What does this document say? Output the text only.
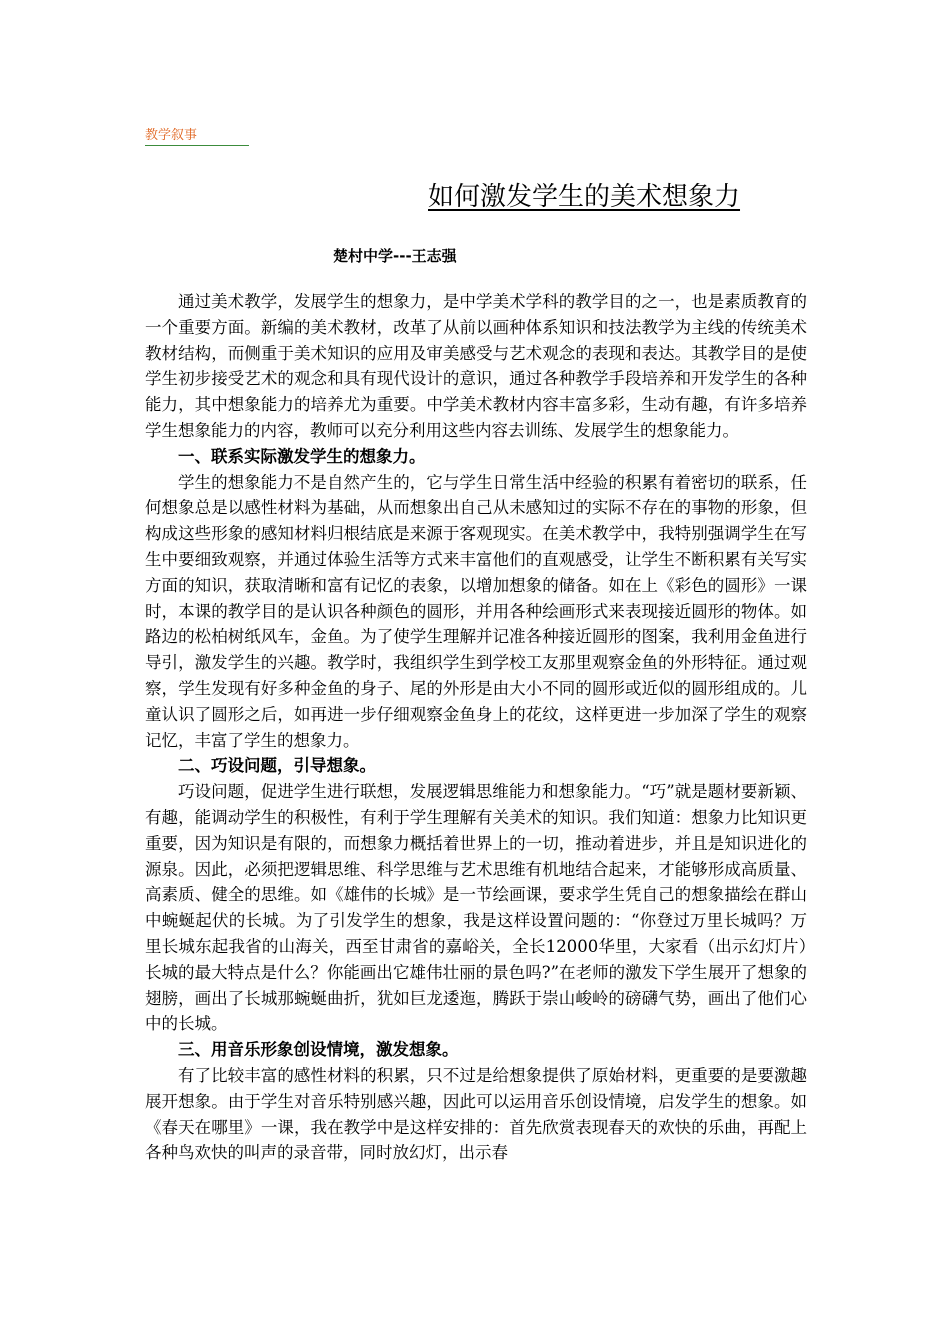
教学叙事
如何激发学生的美术想象力
楚村中学---王志强

通过美术教学，发展学生的想象力，是中学美术学科的教学目的之一，也是素质教育的一个重要方面。新编的美术教材，改革了从前以画种体系知识和技法教学为主线的传统美术教材结构，而侧重于美术知识的应用及审美感受与艺术观念的表现和表达。其教学目的是使学生初步接受艺术的观念和具有现代设计的意识，通过各种教学手段培养和开发学生的各种能力，其中想象能力的培养尤为重要。中学美术教材内容丰富多彩，生动有趣，有许多培养学生想象能力的内容，教师可以充分利用这些内容去训练、发展学生的想象能力。

一、联系实际激发学生的想象力。

学生的想象能力不是自然产生的，它与学生日常生活中经验的积累有着密切的联系，任何想象总是以感性材料为基础，从而想象出自己从未感知过的实际不存在的事物的形象，但构成这些形象的感知材料归根结底是来源于客观现实。在美术教学中，我特别强调学生在写生中要细致观察，并通过体验生活等方式来丰富他们的直观感受，让学生不断积累有关写实方面的知识，获取清晰和富有记忆的表象，以增加想象的储备。如在上《彩色的圆形》一课时，本课的教学目的是认识各种颜色的圆形，并用各种绘画形式来表现接近圆形的物体。如路边的松柏树纸风车，金鱼。为了使学生理解并记准各种接近圆形的图案，我利用金鱼进行导引，激发学生的兴趣。教学时，我组织学生到学校工友那里观察金鱼的外形特征。通过观察，学生发现有好多种金鱼的身子、尾的外形是由大小不同的圆形或近似的圆形组成的。儿童认识了圆形之后，如再进一步仔细观察金鱼身上的花纹，这样更进一步加深了学生的观察记忆，丰富了学生的想象力。

二、巧设问题，引导想象。

巧设问题，促进学生进行联想，发展逻辑思维能力和想象能力。“巧”就是题材要新颖、有趣，能调动学生的积极性，有利于学生理解有关美术的知识。我们知道：想象力比知识更重要，因为知识是有限的，而想象力概括着世界上的一切，推动着进步，并且是知识进化的源泉。因此，必须把逻辑思维、科学思维与艺术思维有机地结合起来，才能够形成高质量、高素质、健全的思维。如《雄伟的长城》是一节绘画课，要求学生凭自己的想象描绘在群山中蜿蜒起伏的长城。为了引发学生的想象，我是这样设置问题的：“你登过万里长城吗？万里长城东起我省的山海关，西至甘肃省的嘉峪关，全长12000华里，大家看（出示幻灯片）长城的最大特点是什么？你能画出它雄伟壮丽的景色吗?”在老师的激发下学生展开了想象的翅膀，画出了长城那蜿蜒曲折，犹如巨龙逶迤，腾跃于崇山峻岭的磅礴气势，画出了他们心中的长城。

三、用音乐形象创设情境，激发想象。

有了比较丰富的感性材料的积累，只不过是给想象提供了原始材料，更重要的是要激趣展开想象。由于学生对音乐特别感兴趣，因此可以运用音乐创设情境，启发学生的想象。如《春天在哪里》一课，我在教学中是这样安排的：首先欣赏表现春天的欢快的乐曲，再配上各种鸟欢快的叫声的录音带，同时放幻灯，出示春
